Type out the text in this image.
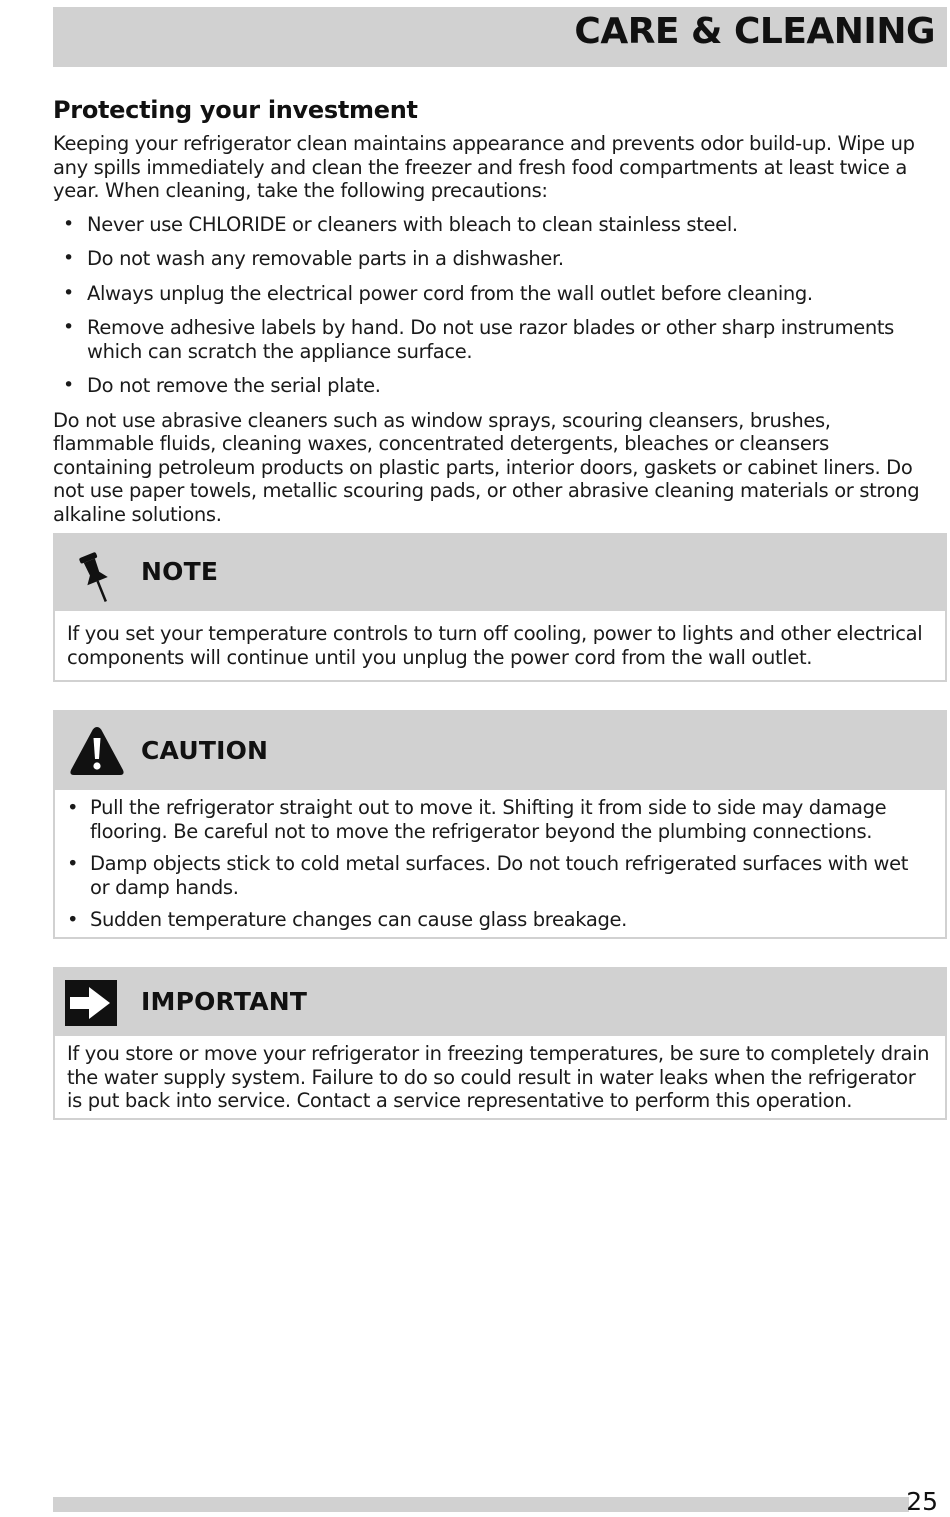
CARE & CLEANING
Protecting your investment

Keeping your refrigerator clean maintains appearance and prevents odor build-up. Wipe up any spills immediately and clean the freezer and fresh food compartments at least twice a year. When cleaning, take the following precautions:

• Never use CHLORIDE or cleaners with bleach to clean stainless steel.
• Do not wash any removable parts in a dishwasher.
• Always unplug the electrical power cord from the wall outlet before cleaning.
• Remove adhesive labels by hand. Do not use razor blades or other sharp instruments which can scratch the appliance surface.
• Do not remove the serial plate.

Do not use abrasive cleaners such as window sprays, scouring cleansers, brushes, flammable fluids, cleaning waxes, concentrated detergents, bleaches or cleansers containing petroleum products on plastic parts, interior doors, gaskets or cabinet liners. Do not use paper towels, metallic scouring pads, or other abrasive cleaning materials or strong alkaline solutions.

NOTE
If you set your temperature controls to turn off cooling, power to lights and other electrical components will continue until you unplug the power cord from the wall outlet.
CAUTION
• Pull the refrigerator straight out to move it. Shifting it from side to side may damage flooring. Be careful not to move the refrigerator beyond the plumbing connections.
• Damp objects stick to cold metal surfaces. Do not touch refrigerated surfaces with wet or damp hands.
• Sudden temperature changes can cause glass breakage.
IMPORTANT
If you store or move your refrigerator in freezing temperatures, be sure to completely drain the water supply system. Failure to do so could result in water leaks when the refrigerator is put back into service. Contact a service representative to perform this operation.
25
